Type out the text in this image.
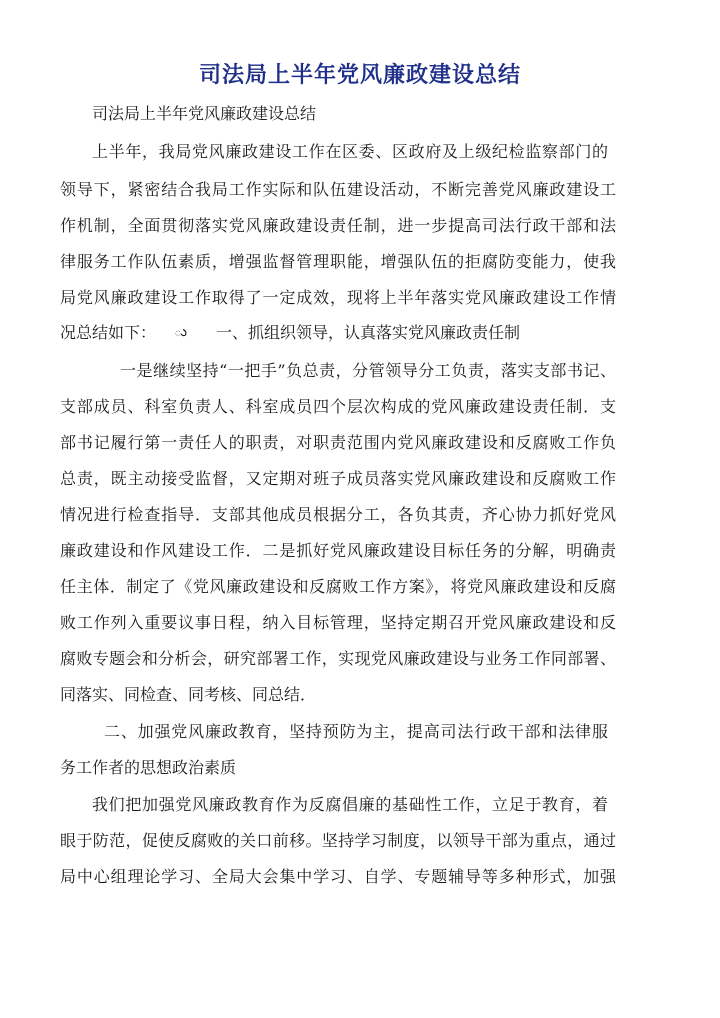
司法局上半年党风廉政建设总结
司法局上半年党风廉政建设总结
上半年，我局党风廉政建设工作在区委、区政府及上级纪检监察部门的
领导下，紧密结合我局工作实际和队伍建设活动，不断完善党风廉政建设工
作机制，全面贯彻落实党风廉政建设责任制，进一步提高司法行政干部和法
律服务工作队伍素质，增强监督管理职能，增强队伍的拒腐防变能力，使我
局党风廉政建设工作取得了一定成效，现将上半年落实党风廉政建设工作情
况总结如下： ు 一、抓组织领导，认真落实党风廉政责任制
一是继续坚持“一把手”负总责，分管领导分工负责，落实支部书记、
支部成员、科室负责人、科室成员四个层次构成的党风廉政建设责任制．支
部书记履行第一责任人的职责，对职责范围内党风廉政建设和反腐败工作负
总责，既主动接受监督，又定期对班子成员落实党风廉政建设和反腐败工作
情况进行检查指导．支部其他成员根据分工，各负其责，齐心协力抓好党风
廉政建设和作风建设工作．二是抓好党风廉政建设目标任务的分解，明确责
任主体．制定了《党风廉政建设和反腐败工作方案》，将党风廉政建设和反腐
败工作列入重要议事日程，纳入目标管理，坚持定期召开党风廉政建设和反
腐败专题会和分析会，研究部署工作，实现党风廉政建设与业务工作同部署、
同落实、同检查、同考核、同总结．
二、加强党风廉政教育，坚持预防为主，提高司法行政干部和法律服
务工作者的思想政治素质
我们把加强党风廉政教育作为反腐倡廉的基础性工作，立足于教育，着
眼于防范，促使反腐败的关口前移。坚持学习制度，以领导干部为重点，通过
局中心组理论学习、全局大会集中学习、自学、专题辅导等多种形式，加强
